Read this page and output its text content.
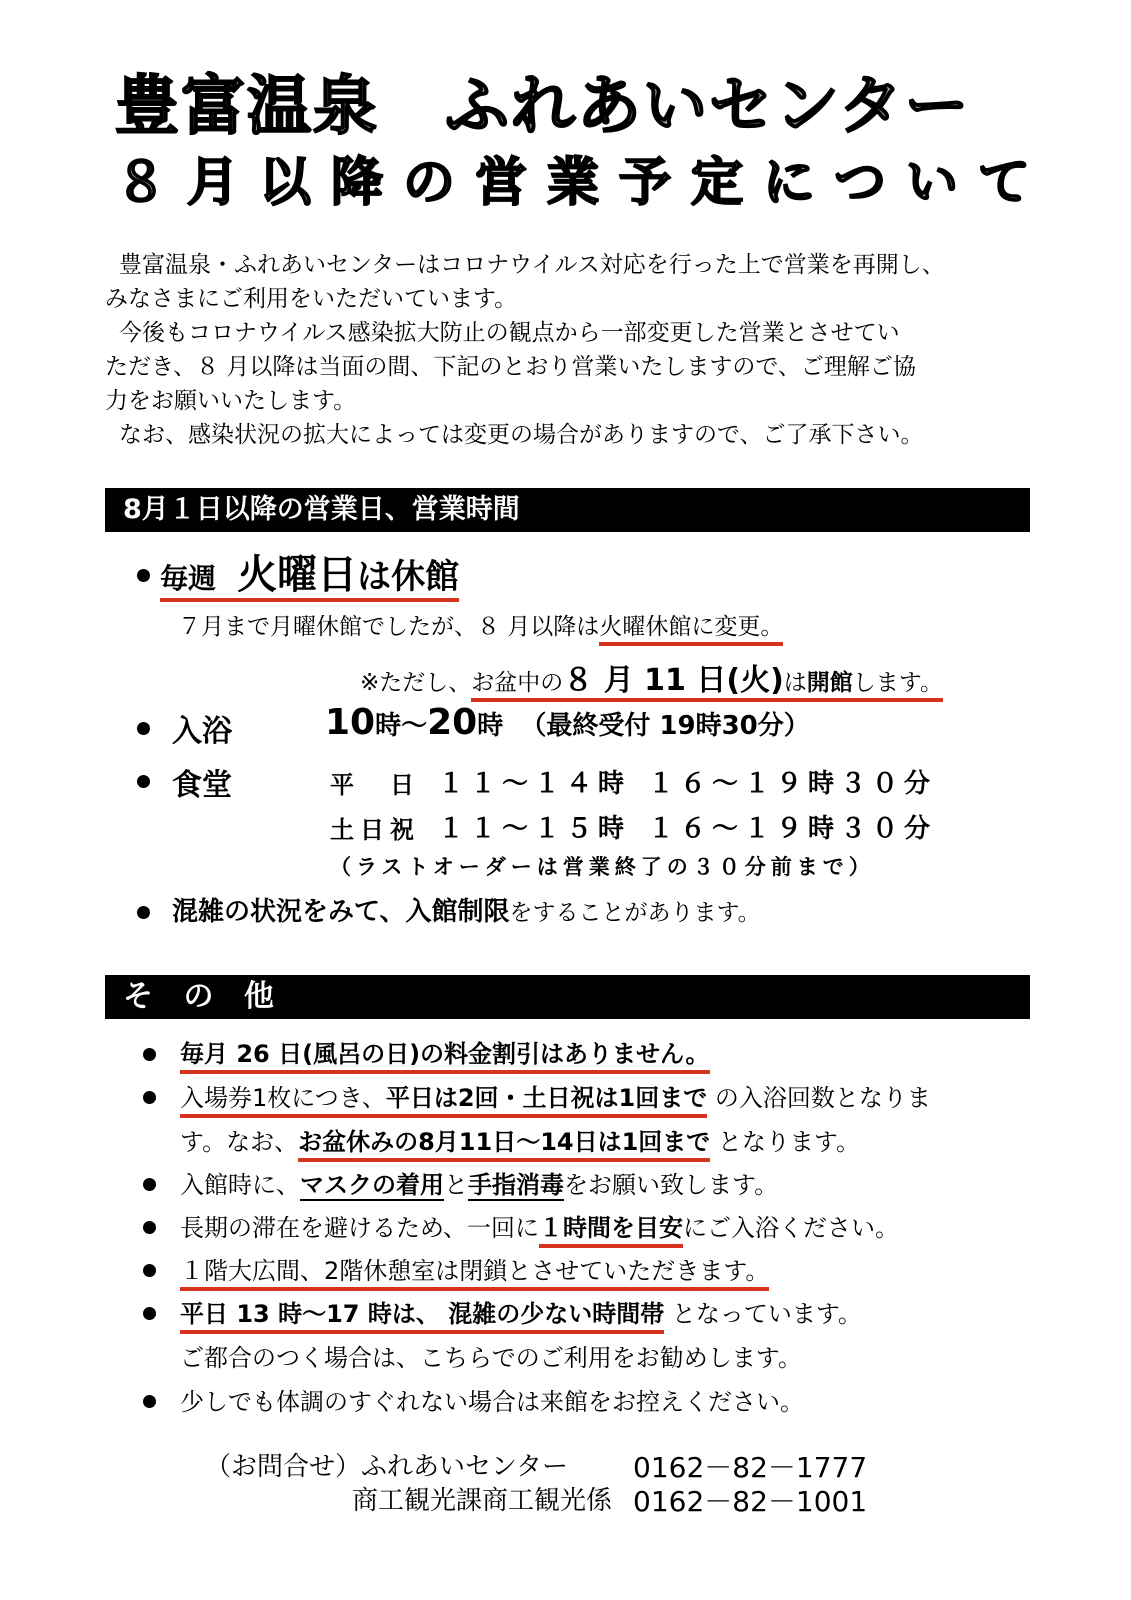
豊富温泉　ふれあいセンター
８月以降の営業予定について

豊富温泉・ふれあいセンターはコロナウイルス対応を行った上で営業を再開し、

みなさまにご利用をいただいています。

今後もコロナウイルス感染拡大防止の観点から一部変更した営業とさせてい

ただき、８ 月以降は当面の間、下記のとおり営業いたしますので、ご理解ご協

力をお願いいたします。

なお、感染状況の拡大によっては変更の場合がありますので、ご了承下さい。

8月１日以降の営業日、営業時間
毎週 火曜日は休館
７月まで月曜休館でしたが、８ 月以降は火曜休館に変更。
※ただし、お盆中の８ 月 11 日(火)は開館します。
入浴	10時～20時 （最終受付 19時30分）
食堂	平　日 １１～１４時 １６～１９時３０分
土日祝 １１～１５時 １６～１９時３０分
（ラストオーダーは営業終了の３０分前まで）
混雑の状況をみて、入館制限をすることがあります。
そ の 他
毎月 26 日(風呂の日)の料金割引はありません。
入場券1枚につき、平日は2回・土日祝は1回まで の入浴回数となりま
す。なお、お盆休みの8月11日～14日は1回まで となります。
入館時に、マスクの着用と手指消毒をお願い致します。
長期の滞在を避けるため、一回に１時間を目安にご入浴ください。
１階大広間、2階休憩室は閉鎖とさせていただきます。
平日 13 時～17 時は、 混雑の少ない時間帯 となっています。
ご都合のつく場合は、こちらでのご利用をお勧めします。
少しでも体調のすぐれない場合は来館をお控えください。
（お問合せ）ふれあいセンター 0162－82－1777
商工観光課商工観光係 0162－82－1001
